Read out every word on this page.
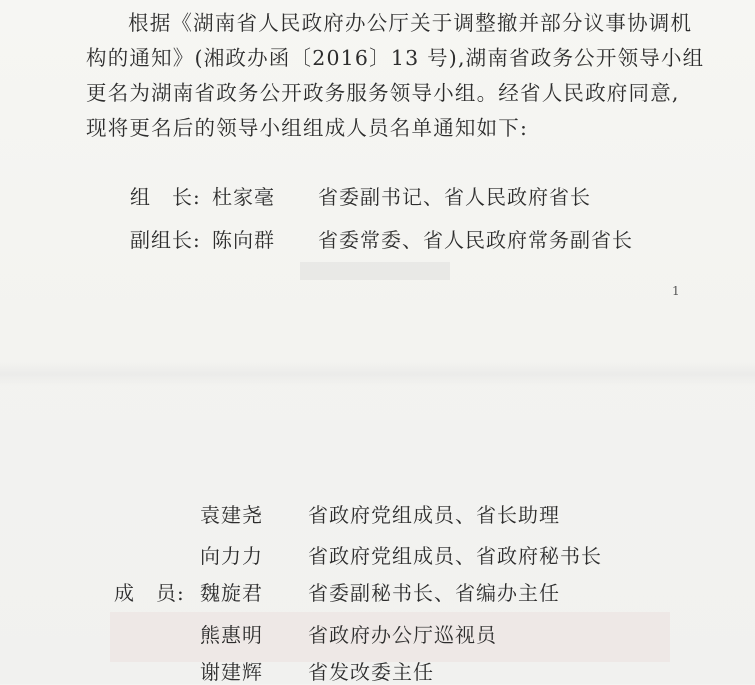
根据《湖南省人民政府办公厅关于调整撤并部分议事协调机
构的通知》(湘政办函〔2016〕13 号),湖南省政务公开领导小组
更名为湖南省政务公开政务服务领导小组。经省人民政府同意,
现将更名后的领导小组组成人员名单通知如下:
组　长: 杜家毫 省委副书记、省人民政府省长
副组长: 陈向群 省委常委、省人民政府常务副省长
1
袁建尧 省政府党组成员、省长助理
向力力 省政府党组成员、省政府秘书长
成　员: 魏旋君 省委副秘书长、省编办主任
熊惠明 省政府办公厅巡视员
谢建辉 省发改委主任
